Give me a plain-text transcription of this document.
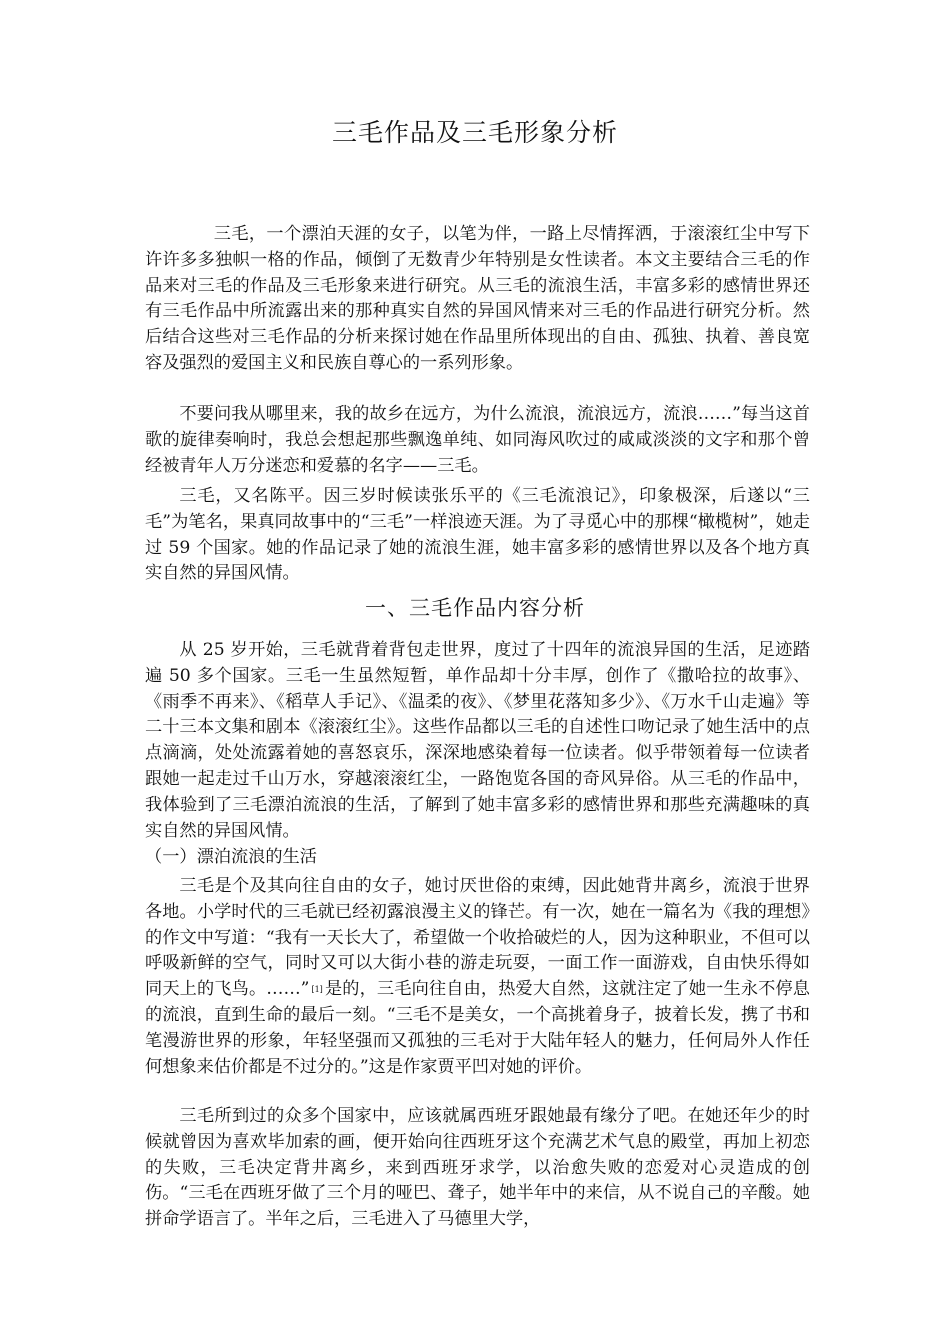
三毛作品及三毛形象分析

三毛，一个漂泊天涯的女子，以笔为伴，一路上尽情挥洒，于滚滚红尘中写下许许多多独帜一格的作品，倾倒了无数青少年特别是女性读者。本文主要结合三毛的作品来对三毛的作品及三毛形象来进行研究。从三毛的流浪生活，丰富多彩的感情世界还有三毛作品中所流露出来的那种真实自然的异国风情来对三毛的作品进行研究分析。然后结合这些对三毛作品的分析来探讨她在作品里所体现出的自由、孤独、执着、善良宽容及强烈的爱国主义和民族自尊心的一系列形象。

不要问我从哪里来，我的故乡在远方，为什么流浪，流浪远方，流浪……”每当这首歌的旋律奏响时，我总会想起那些飘逸单纯、如同海风吹过的咸咸淡淡的文字和那个曾经被青年人万分迷恋和爱慕的名字——三毛。

三毛，又名陈平。因三岁时候读张乐平的《三毛流浪记》，印象极深，后遂以“三毛”为笔名，果真同故事中的“三毛”一样浪迹天涯。为了寻觅心中的那棵“橄榄树”，她走过 59 个国家。她的作品记录了她的流浪生涯，她丰富多彩的感情世界以及各个地方真实自然的异国风情。

一、三毛作品内容分析

从 25 岁开始，三毛就背着背包走世界，度过了十四年的流浪异国的生活，足迹踏遍 50 多个国家。三毛一生虽然短暂，单作品却十分丰厚，创作了《撒哈拉的故事》、《雨季不再来》、《稻草人手记》、《温柔的夜》、《梦里花落知多少》、《万水千山走遍》等二十三本文集和剧本《滚滚红尘》。这些作品都以三毛的自述性口吻记录了她生活中的点点滴滴，处处流露着她的喜怒哀乐，深深地感染着每一位读者。似乎带领着每一位读者跟她一起走过千山万水，穿越滚滚红尘，一路饱览各国的奇风异俗。从三毛的作品中，我体验到了三毛漂泊流浪的生活，了解到了她丰富多彩的感情世界和那些充满趣味的真实自然的异国风情。

（一）漂泊流浪的生活

三毛是个及其向往自由的女子，她讨厌世俗的束缚，因此她背井离乡，流浪于世界各地。小学时代的三毛就已经初露浪漫主义的锋芒。有一次，她在一篇名为《我的理想》的作文中写道：“我有一天长大了，希望做一个收拾破烂的人，因为这种职业，不但可以呼吸新鲜的空气，同时又可以大街小巷的游走玩耍，一面工作一面游戏，自由快乐得如同天上的飞鸟。……” [1] 是的，三毛向往自由，热爱大自然，这就注定了她一生永不停息的流浪，直到生命的最后一刻。“三毛不是美女，一个高挑着身子，披着长发，携了书和笔漫游世界的形象，年轻坚强而又孤独的三毛对于大陆年轻人的魅力，任何局外人作任何想象来估价都是不过分的。”这是作家贾平凹对她的评价。

三毛所到过的众多个国家中，应该就属西班牙跟她最有缘分了吧。在她还年少的时候就曾因为喜欢毕加索的画，便开始向往西班牙这个充满艺术气息的殿堂，再加上初恋的失败，三毛决定背井离乡，来到西班牙求学，以治愈失败的恋爱对心灵造成的创伤。“三毛在西班牙做了三个月的哑巴、聋子，她半年中的来信，从不说自己的辛酸。她拼命学语言了。半年之后，三毛进入了马德里大学，
